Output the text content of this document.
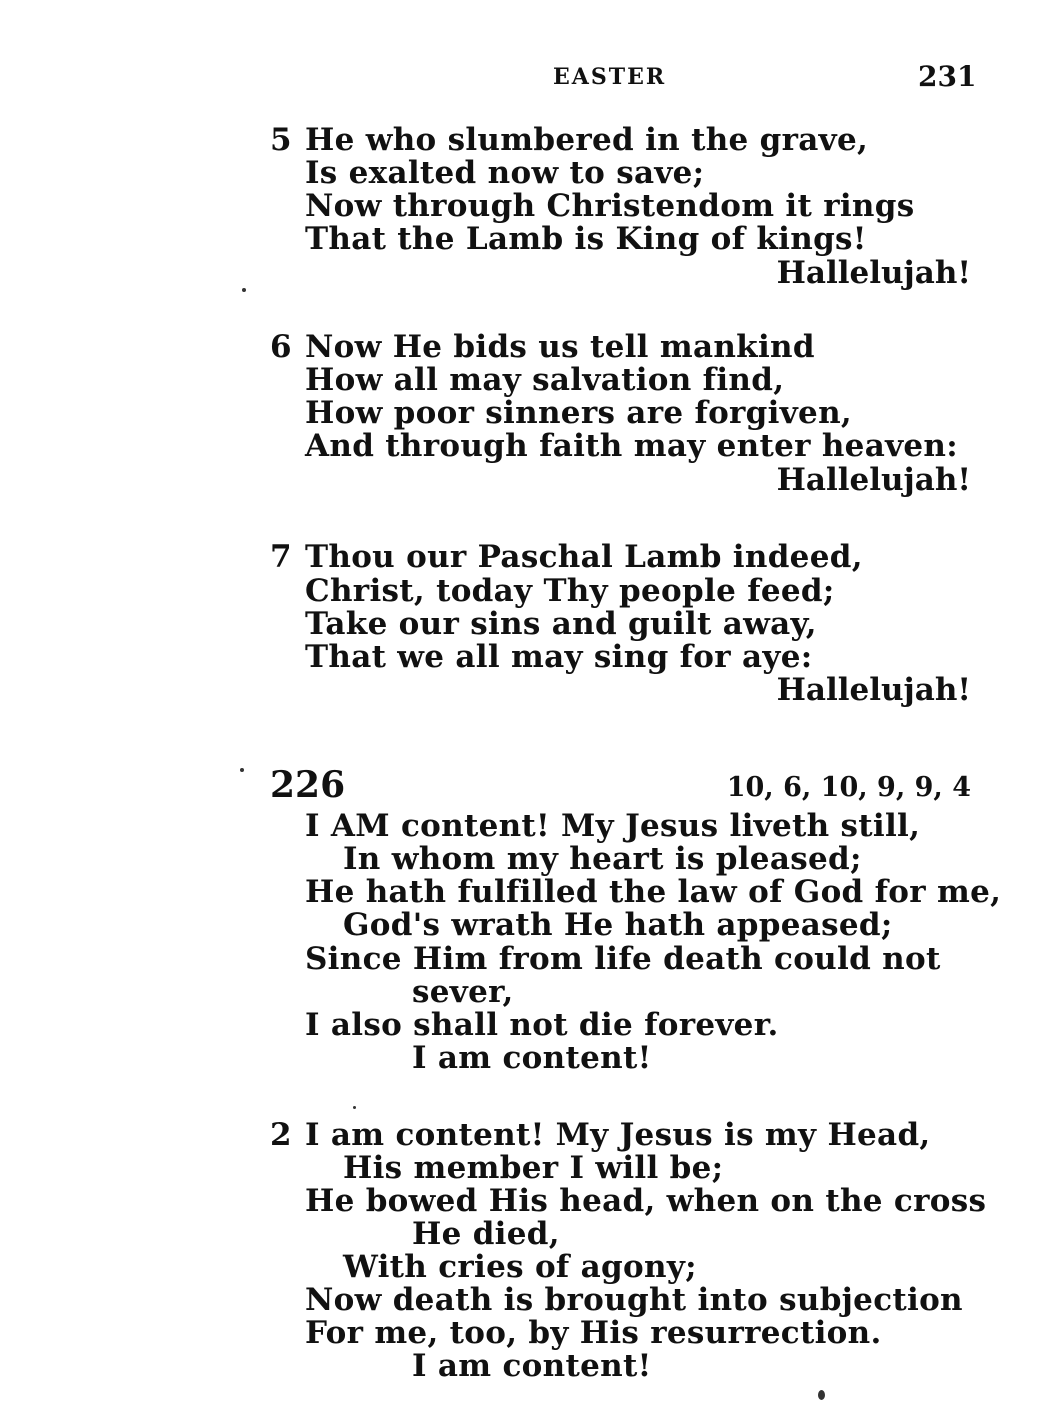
EASTER	231
5 He who slumbered in the grave,
Is exalted now to save;
Now through Christendom it rings
That the Lamb is King of kings!
Hallelujah!
6 Now He bids us tell mankind
How all may salvation find,
How poor sinners are forgiven,
And through faith may enter heaven:
Hallelujah!
7 Thou our Paschal Lamb indeed,
Christ, today Thy people feed;
Take our sins and guilt away,
That we all may sing for aye:
Hallelujah!
226	10, 6, 10, 9, 9, 4
I AM content! My Jesus liveth still,
In whom my heart is pleased;
He hath fulfilled the law of God for me,
God's wrath He hath appeased;
Since Him from life death could not
sever,
I also shall not die forever.
I am content!
2 I am content! My Jesus is my Head,
His member I will be;
He bowed His head, when on the cross
He died,
With cries of agony;
Now death is brought into subjection
For me, too, by His resurrection.
I am content!
